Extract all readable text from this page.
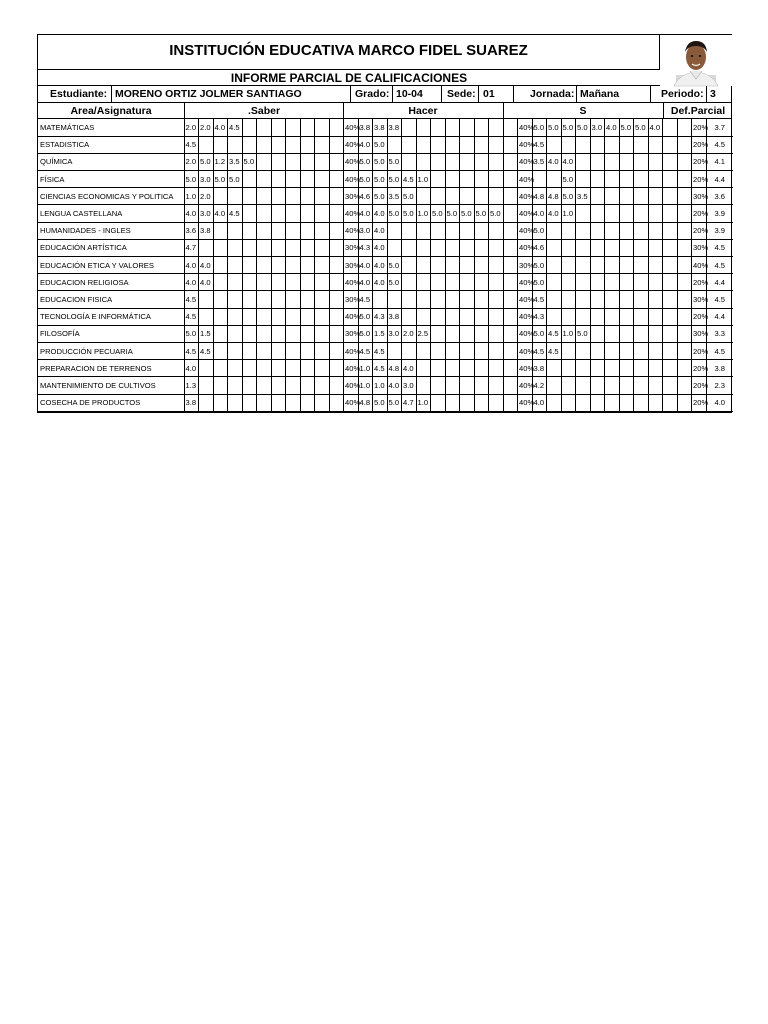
INSTITUCIÓN EDUCATIVA MARCO FIDEL SUAREZ
INFORME PARCIAL DE CALIFICACIONES
Estudiante: MORENO ORTIZ JOLMER SANTIAGO	Grado: 10-04 Sede: 01	Jornada: Mañana	Periodo: 3
Area/Asignatura	.Saber	Hacer	S	Def.Parcial
MATEMÁTICAS	2.0	2.0	4.0	4.5								40%	3.8	3.8	3.8									40%	5.0	5.0	5.0	5.0	3.0	4.0	5.0	5.0	4.0			20%	3.7
ESTADISTICA	4.5											40%	4.0	5.0										40%	4.5											20%	4.5
QUÍMICA	2.0	5.0	1.2	3.5	5.0							40%	5.0	5.0	5.0									40%	3.5	4.0	4.0									20%	4.1
FÍSICA	5.0	3.0	5.0	5.0								40%	5.0	5.0	5.0	4.5	1.0							40%			5.0									20%	4.4
CIENCIAS ECONOMICAS Y POLITICA	1.0	2.0										30%	4.6	5.0	3.5	5.0								40%	4.8	4.8	5.0	3.5								30%	3.6
LENGUA CASTELLANA	4.0	3.0	4.0	4.5								40%	4.0	4.0	5.0	5.0	1.0	5.0	5.0	5.0	5.0	5.0		40%	4.0	4.0	1.0									20%	3.9
HUMANIDADES - INGLES	3.6	3.8										40%	3.0	4.0										40%	5.0											20%	3.9
EDUCACIÓN ARTÍSTICA	4.7											30%	4.3	4.0										40%	4.6											30%	4.5
EDUCACIÓN ETICA Y VALORES	4.0	4.0										30%	4.0	4.0	5.0									30%	5.0											40%	4.5
EDUCACION RELIGIOSA	4.0	4.0										40%	4.0	4.0	5.0									40%	5.0											20%	4.4
EDUCACION FISICA	4.5											30%	4.5											40%	4.5											30%	4.5
TECNOLOGÍA E INFORMÁTICA	4.5											40%	5.0	4.3	3.8									40%	4.3											20%	4.4
FILOSOFÍA	5.0	1.5										30%	5.0	1.5	3.0	2.0	2.5							40%	5.0	4.5	1.0	5.0								30%	3.3
PRODUCCIÓN PECUARIA	4.5	4.5										40%	4.5	4.5										40%	4.5	4.5										20%	4.5
PREPARACION DE TERRENOS	4.0											40%	1.0	4.5	4.8	4.0								40%	3.8											20%	3.8
MANTENIMIENTO DE CULTIVOS	1.3											40%	1.0	1.0	4.0	3.0								40%	4.2											20%	2.3
COSECHA DE PRODUCTOS	3.8											40%	4.8	5.0	5.0	4.7	1.0							40%	4.0											20%	4.0
